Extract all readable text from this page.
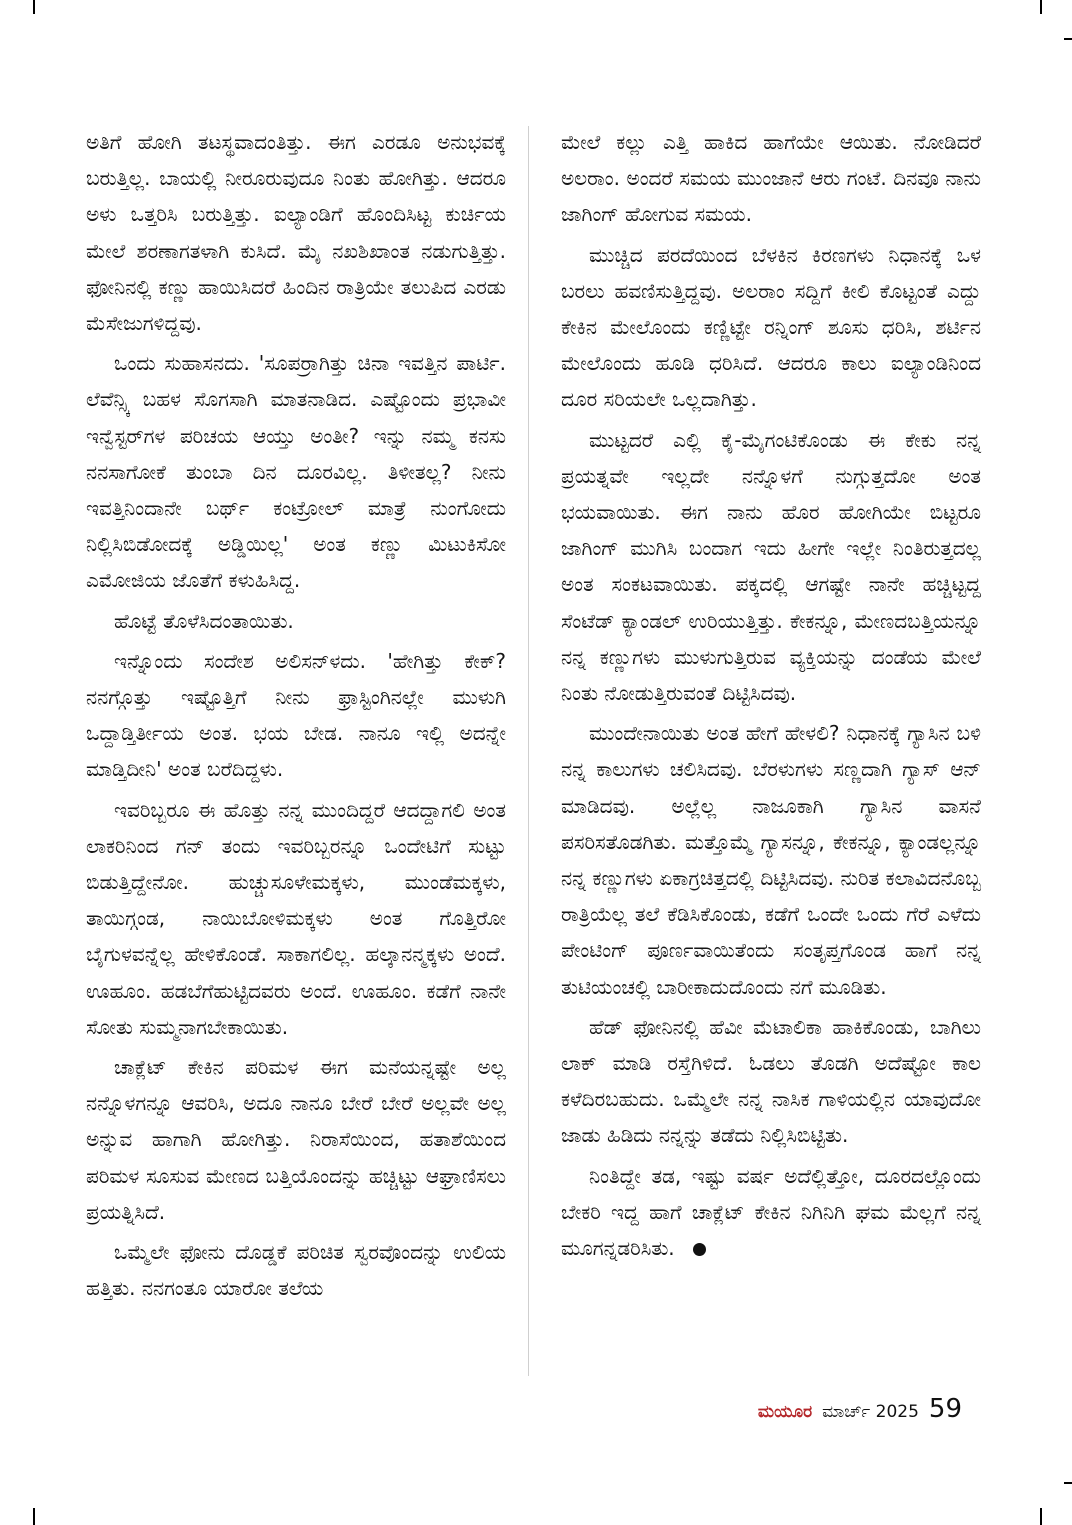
ಅತಿಗೆ ಹೋಗಿ ತಟಸ್ಥವಾದಂತಿತ್ತು. ಈಗ ಎರಡೂ ಅನುಭವಕ್ಕೆ ಬರುತ್ತಿಲ್ಲ. ಬಾಯಲ್ಲಿ ನೀರೂರುವುದೂ ನಿಂತು ಹೋಗಿತ್ತು. ಆದರೂ ಅಳು ಒತ್ತರಿಸಿ ಬರುತ್ತಿತ್ತು. ಐಲ್ಯಾಂಡಿಗೆ ಹೊಂದಿಸಿಟ್ಟ ಕುರ್ಚಿಯ ಮೇಲೆ ಶರಣಾಗತಳಾಗಿ ಕುಸಿದೆ. ಮೈ ನಖಶಿಖಾಂತ ನಡುಗುತ್ತಿತ್ತು. ಫೋನಿನಲ್ಲಿ ಕಣ್ಣು ಹಾಯಿಸಿದರೆ ಹಿಂದಿನ ರಾತ್ರಿಯೇ ತಲುಪಿದ ಎರಡು ಮೆಸೇಜುಗಳಿದ್ದವು.

ಒಂದು ಸುಹಾಸನದು. 'ಸೂಪರ್ರಾಗಿತ್ತು ಚಿನಾ ಇವತ್ತಿನ ಪಾರ್ಟಿ. ಲೆವೆನ್ಸ್ಕಿ ಬಹಳ ಸೊಗಸಾಗಿ ಮಾತನಾಡಿದ. ಎಷ್ಟೊಂದು ಪ್ರಭಾವೀ ಇನ್ವೆಸ್ಟರ್‌ಗಳ ಪರಿಚಯ ಆಯ್ತು ಅಂತೀ? ಇನ್ನು ನಮ್ಮ ಕನಸು ನನಸಾಗೋಕೆ ತುಂಬಾ ದಿನ ದೂರವಿಲ್ಲ. ತಿಳೀತಲ್ಲ? ನೀನು ಇವತ್ತಿನಿಂದಾನೇ ಬರ್ಥ್ ಕಂಟ್ರೋಲ್ ಮಾತ್ರೆ ನುಂಗೋದು ನಿಲ್ಲಿಸಿಬಿಡೋದಕ್ಕೆ ಅಡ್ಡಿಯಿಲ್ಲ' ಅಂತ ಕಣ್ಣು ಮಿಟುಕಿಸೋ ಎಮೋಜಿಯ ಜೊತೆಗೆ ಕಳುಹಿಸಿದ್ದ.

ಹೊಟ್ಟೆ ತೊಳೆಸಿದಂತಾಯಿತು.

ಇನ್ನೊಂದು ಸಂದೇಶ ಅಲಿಸನ್‌ಳದು. 'ಹೇಗಿತ್ತು ಕೇಕ್? ನನಗ್ಗೊತ್ತು ಇಷ್ಟೊತ್ತಿಗೆ ನೀನು ಫ್ರಾಸ್ಟಿಂಗಿನಲ್ಲೇ ಮುಳುಗಿ ಒದ್ದಾಡ್ತಿರ್ತೀಯ ಅಂತ. ಭಯ ಬೇಡ. ನಾನೂ ಇಲ್ಲಿ ಅದನ್ನೇ ಮಾಡ್ತಿದೀನಿ' ಅಂತ ಬರೆದಿದ್ದಳು.

ಇವರಿಬ್ಬರೂ ಈ ಹೊತ್ತು ನನ್ನ ಮುಂದಿದ್ದರೆ ಆದದ್ದಾಗಲಿ ಅಂತ ಲಾಕರಿನಿಂದ ಗನ್ ತಂದು ಇವರಿಬ್ಬರನ್ನೂ ಒಂದೇಟಿಗೆ ಸುಟ್ಟು ಬಿಡುತ್ತಿದ್ದೇನೋ. ಹುಚ್ಚುಸೂಳೇಮಕ್ಕಳು, ಮುಂಡೆಮಕ್ಕಳು, ತಾಯಿಗ್ಗಂಡ, ನಾಯಿಬೋಳಿಮಕ್ಕಳು ಅಂತ ಗೊತ್ತಿರೋ ಬೈಗುಳವನ್ನೆಲ್ಲ ಹೇಳಿಕೊಂಡೆ. ಸಾಕಾಗಲಿಲ್ಲ. ಹಲ್ಕಾನನ್ಮಕ್ಕಳು ಅಂದೆ. ಊಹೂಂ. ಹಡಬೆಗೆಹುಟ್ಟಿದವರು ಅಂದೆ. ಊಹೂಂ. ಕಡೆಗೆ ನಾನೇ ಸೋತು ಸುಮ್ಮನಾಗಬೇಕಾಯಿತು.

ಚಾಕ್ಲೆಟ್ ಕೇಕಿನ ಪರಿಮಳ ಈಗ ಮನೆಯನ್ನಷ್ಟೇ ಅಲ್ಲ ನನ್ನೊಳಗನ್ನೂ ಆವರಿಸಿ, ಅದೂ ನಾನೂ ಬೇರೆ ಬೇರೆ ಅಲ್ಲವೇ ಅಲ್ಲ ಅನ್ನುವ ಹಾಗಾಗಿ ಹೋಗಿತ್ತು. ನಿರಾಸೆಯಿಂದ, ಹತಾಶೆಯಿಂದ ಪರಿಮಳ ಸೂಸುವ ಮೇಣದ ಬತ್ತಿಯೊಂದನ್ನು ಹಚ್ಚಿಟ್ಟು ಆಘ್ರಾಣಿಸಲು ಪ್ರಯತ್ನಿಸಿದೆ.

ಒಮ್ಮೆಲೇ ಫೋನು ದೊಡ್ಡಕೆ ಪರಿಚಿತ ಸ್ವರವೊಂದನ್ನು ಉಲಿಯ ಹತ್ತಿತು. ನನಗಂತೂ ಯಾರೋ ತಲೆಯ

ಮೇಲೆ ಕಲ್ಲು ಎತ್ತಿ ಹಾಕಿದ ಹಾಗೆಯೇ ಆಯಿತು. ನೋಡಿದರೆ ಅಲರಾಂ. ಅಂದರೆ ಸಮಯ ಮುಂಜಾನೆ ಆರು ಗಂಟೆ. ದಿನವೂ ನಾನು ಜಾಗಿಂಗ್ ಹೋಗುವ ಸಮಯ.

ಮುಚ್ಚಿದ ಪರದೆಯಿಂದ ಬೆಳಕಿನ ಕಿರಣಗಳು ನಿಧಾನಕ್ಕೆ ಒಳ ಬರಲು ಹವಣಿಸುತ್ತಿದ್ದವು. ಅಲರಾಂ ಸದ್ದಿಗೆ ಕೀಲಿ ಕೊಟ್ಟಂತೆ ಎದ್ದು ಕೇಕಿನ ಮೇಲೊಂದು ಕಣ್ಣಿಟ್ಟೇ ರನ್ನಿಂಗ್ ಶೂಸು ಧರಿಸಿ, ಶರ್ಟಿನ ಮೇಲೊಂದು ಹೂಡಿ ಧರಿಸಿದೆ. ಆದರೂ ಕಾಲು ಐಲ್ಯಾಂಡಿನಿಂದ ದೂರ ಸರಿಯಲೇ ಒಲ್ಲದಾಗಿತ್ತು.

ಮುಟ್ಟದರೆ ಎಲ್ಲಿ ಕೈ-ಮೈಗಂಟಿಕೊಂಡು ಈ ಕೇಕು ನನ್ನ ಪ್ರಯತ್ನವೇ ಇಲ್ಲದೇ ನನ್ನೊಳಗೆ ನುಗ್ಗುತ್ತದೋ ಅಂತ ಭಯವಾಯಿತು. ಈಗ ನಾನು ಹೊರ ಹೋಗಿಯೇ ಬಿಟ್ಟರೂ ಜಾಗಿಂಗ್ ಮುಗಿಸಿ ಬಂದಾಗ ಇದು ಹೀಗೇ ಇಲ್ಲೇ ನಿಂತಿರುತ್ತದಲ್ಲ ಅಂತ ಸಂಕಟವಾಯಿತು. ಪಕ್ಕದಲ್ಲಿ ಆಗಷ್ಟೇ ನಾನೇ ಹಚ್ಚಿಟ್ಟದ್ದ ಸೆಂಟೆಡ್ ಕ್ಯಾಂಡಲ್ ಉರಿಯುತ್ತಿತ್ತು. ಕೇಕನ್ನೂ, ಮೇಣದಬತ್ತಿಯನ್ನೂ ನನ್ನ ಕಣ್ಣುಗಳು ಮುಳುಗುತ್ತಿರುವ ವ್ಯಕ್ತಿಯನ್ನು ದಂಡೆಯ ಮೇಲೆ ನಿಂತು ನೋಡುತ್ತಿರುವಂತೆ ದಿಟ್ಟಿಸಿದವು.

ಮುಂದೇನಾಯಿತು ಅಂತ ಹೇಗೆ ಹೇಳಲಿ? ನಿಧಾನಕ್ಕೆ ಗ್ಯಾಸಿನ ಬಳಿ ನನ್ನ ಕಾಲುಗಳು ಚಲಿಸಿದವು. ಬೆರಳುಗಳು ಸಣ್ಣದಾಗಿ ಗ್ಯಾಸ್ ಆನ್ ಮಾಡಿದವು. ಅಲ್ಲೆಲ್ಲ ನಾಜೂಕಾಗಿ ಗ್ಯಾಸಿನ ವಾಸನೆ ಪಸರಿಸತೊಡಗಿತು. ಮತ್ತೊಮ್ಮೆ ಗ್ಯಾಸನ್ನೂ, ಕೇಕನ್ನೂ, ಕ್ಯಾಂಡಲ್ಲನ್ನೂ ನನ್ನ ಕಣ್ಣುಗಳು ಏಕಾಗ್ರಚಿತ್ತದಲ್ಲಿ ದಿಟ್ಟಿಸಿದವು. ನುರಿತ ಕಲಾವಿದನೊಬ್ಬ ರಾತ್ರಿಯೆಲ್ಲ ತಲೆ ಕೆಡಿಸಿಕೊಂಡು, ಕಡೆಗೆ ಒಂದೇ ಒಂದು ಗೆರೆ ಎಳೆದು ಪೇಂಟಿಂಗ್ ಪೂರ್ಣವಾಯಿತೆಂದು ಸಂತೃಪ್ತಗೊಂಡ ಹಾಗೆ ನನ್ನ ತುಟಿಯಂಚಲ್ಲಿ ಬಾರೀಕಾದುದೊಂದು ನಗೆ ಮೂಡಿತು.

ಹೆಡ್ ಫೋನಿನಲ್ಲಿ ಹೆವೀ ಮೆಟಾಲಿಕಾ ಹಾಕಿಕೊಂಡು, ಬಾಗಿಲು ಲಾಕ್ ಮಾಡಿ ರಸ್ತೆಗಿಳಿದೆ. ಓಡಲು ತೊಡಗಿ ಅದೆಷ್ಟೋ ಕಾಲ ಕಳೆದಿರಬಹುದು. ಒಮ್ಮೆಲೇ ನನ್ನ ನಾಸಿಕ ಗಾಳಿಯಲ್ಲಿನ ಯಾವುದೋ ಜಾಡು ಹಿಡಿದು ನನ್ನನ್ನು ತಡೆದು ನಿಲ್ಲಿಸಿಬಿಟ್ಟಿತು.

ನಿಂತಿದ್ದೇ ತಡ, ಇಷ್ಟು ವರ್ಷ ಅದೆಲ್ಲಿತ್ತೋ, ದೂರದಲ್ಲೊಂದು ಬೇಕರಿ ಇದ್ದ ಹಾಗೆ ಚಾಕ್ಲೆಟ್ ಕೇಕಿನ ನಿಗಿನಿಗಿ ಘಮ ಮೆಲ್ಲಗೆ ನನ್ನ ಮೂಗನ್ನಡರಿಸಿತು.

ಮಯೂರ ಮಾರ್ಚ್ 2025 59
